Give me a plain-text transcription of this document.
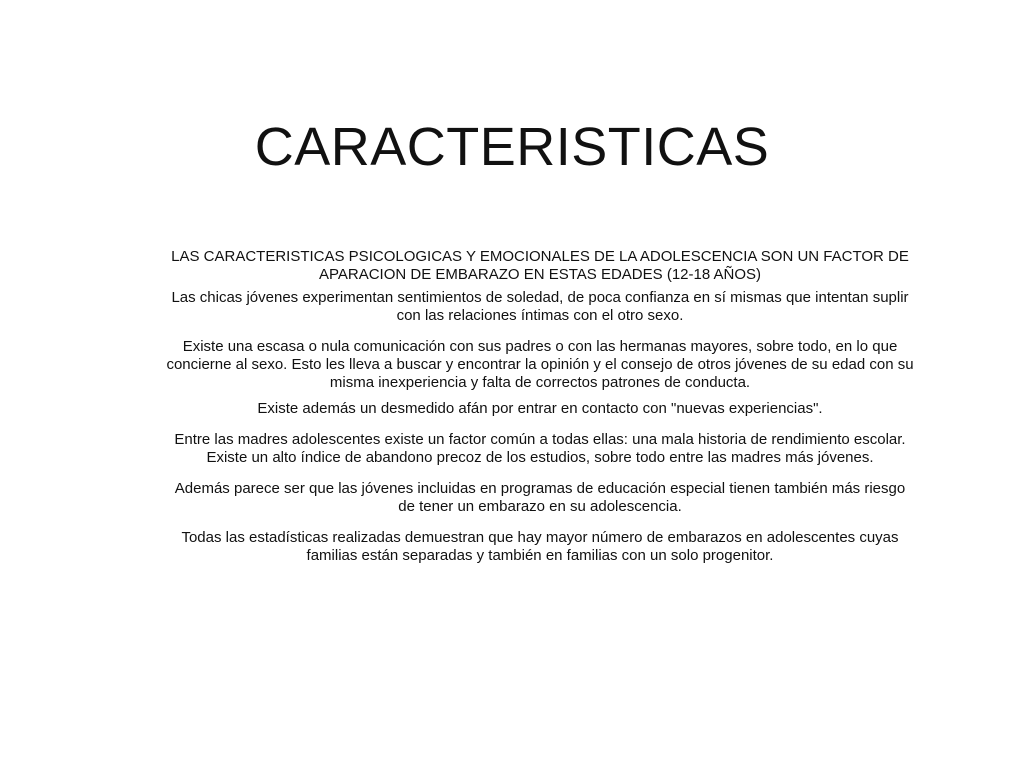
CARACTERISTICAS

LAS CARACTERISTICAS PSICOLOGICAS Y EMOCIONALES DE LA ADOLESCENCIA SON UN FACTOR DE APARACION DE EMBARAZO EN ESTAS EDADES (12-18 AÑOS)

Las chicas jóvenes experimentan sentimientos de soledad, de poca confianza en sí mismas que intentan suplir con las relaciones íntimas con el otro sexo.

Existe una escasa o nula comunicación con sus padres o con las hermanas mayores, sobre todo, en lo que concierne al sexo. Esto les lleva a buscar y encontrar la opinión y el consejo de otros jóvenes de su edad con su misma inexperiencia y falta de correctos patrones de conducta.

Existe además un desmedido afán por entrar en contacto con "nuevas experiencias".

Entre las madres adolescentes existe un factor común a todas ellas: una mala historia de rendimiento escolar. Existe un alto índice de abandono precoz de los estudios, sobre todo entre las madres más jóvenes.

Además parece ser que las jóvenes incluidas en programas de educación especial tienen también más riesgo de tener un embarazo en su adolescencia.

Todas las estadísticas realizadas demuestran que hay mayor número de embarazos en adolescentes cuyas familias están separadas y también en familias con un solo progenitor.
